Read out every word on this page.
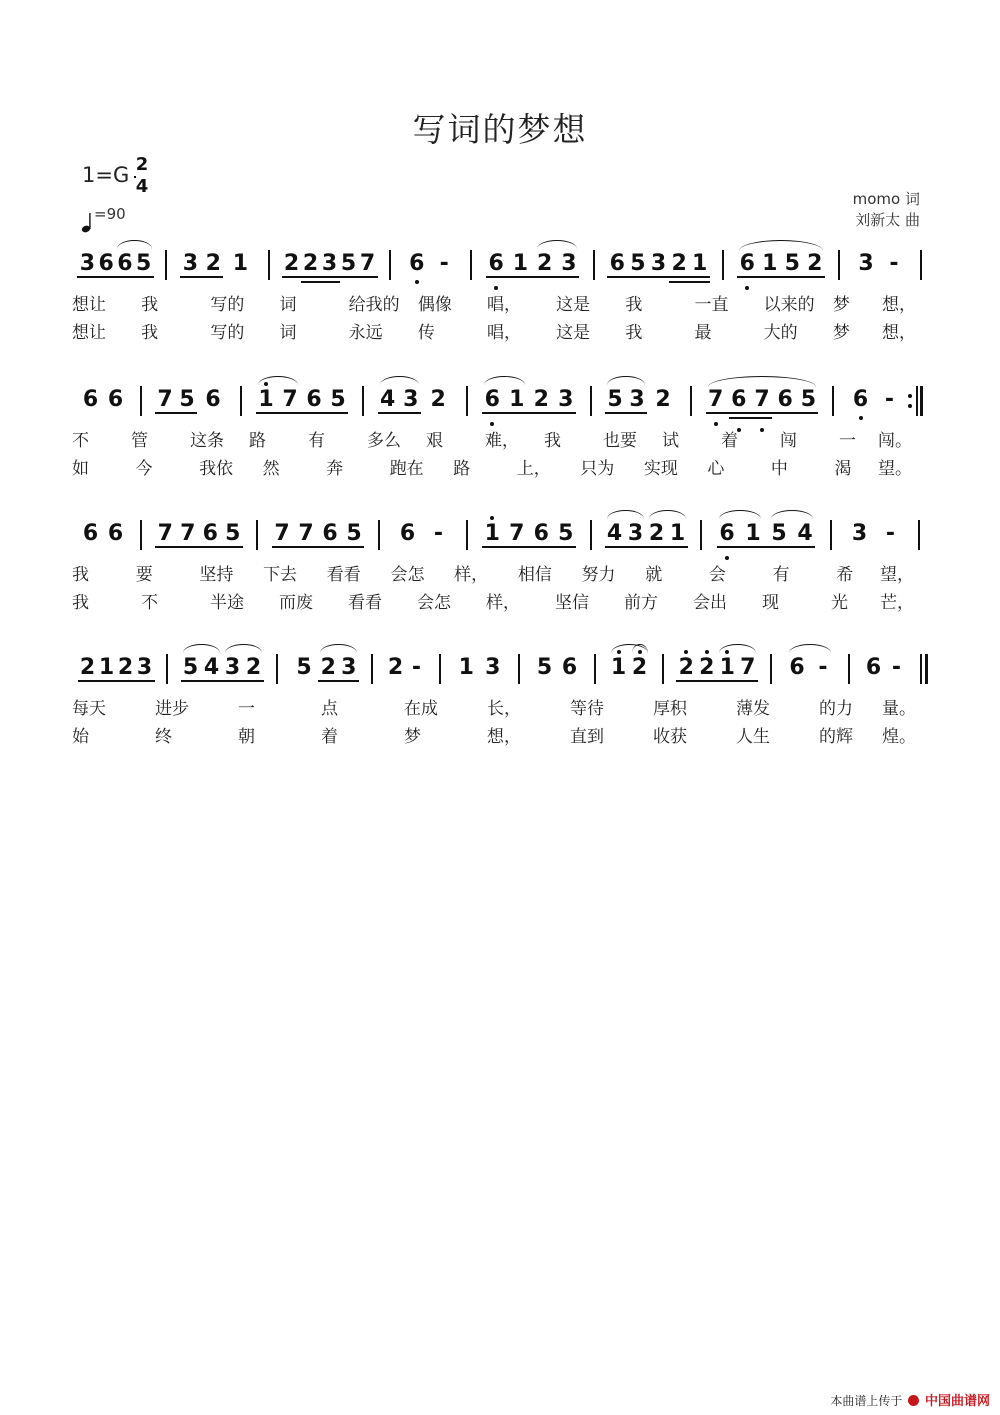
写词的梦想
1=G 2
4
=90
momo 词
刘新太 曲
3 6 6 5 3 2 1 2 2 3 5 7 6 - 6 1 2 3 6 5 3 2 1 6 1 5 2 3 -
想让 我	写的 词	给我的 偶像 唱， 这是 我	一直 以来的 梦 想，
想让 我	写的 词	永远 传	唱， 这是 我	最	大的 梦 想，
6 6 7 5 6 1 7 6 5 4 3 2 6 1 2 3 5 3 2 7 6 7 6 5 6 -
不 管 这条 路 有 多么 艰 难， 我 也要 试 着 闯 一 闯。
如	今	我依 然	奔	跑在 路	上， 只为 实现 心	中	渴 望。
6 6 7 7 6 5 7 7 6 5 6 - 1 7 6 5 4 3 2 1 6 1 5 4 3 -
我	要	坚持 下去 看看 会怎 样， 相信 努力 就	会	有	希 望，
我	不	半途 而废 看看 会怎 样， 坚信 前方 会出 现	光 芒，
2 1 2 3 5 4 3 2 5 2 3 2 - 1 3 5 6 1 2 2 2 1 7 6 - 6 -
每天	进步	一	点	在成	长，	等待	厚积	薄发	的力 量。
始	终	朝	着	梦	想，	直到	收获	人生	的辉 煌。
本曲谱上传于 中国曲谱网
